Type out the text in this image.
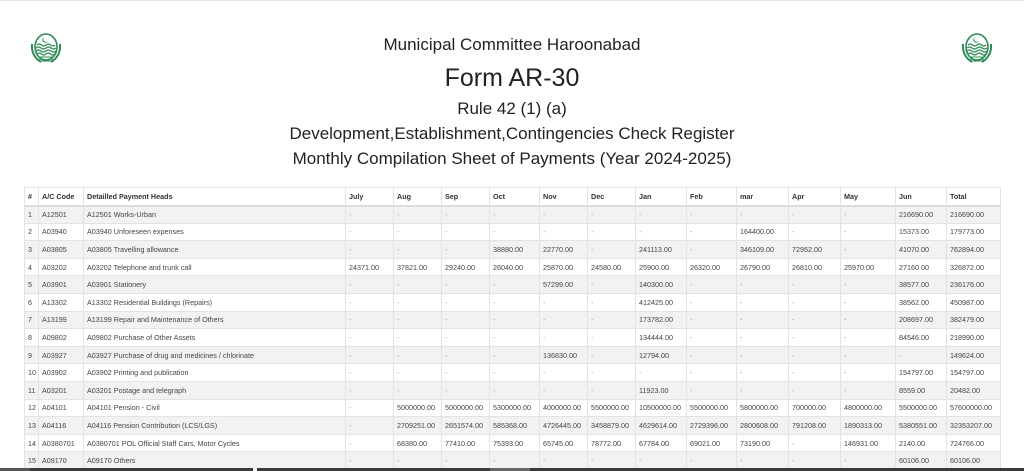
Municipal Committee Haroonabad
Form AR-30
Rule 42 (1) (a)
Development,Establishment,Contingencies Check Register
Monthly Compilation Sheet of Payments (Year 2024-2025)
#	A/C Code	Detailled Payment Heads	July	Aug	Sep	Oct	Nov	Dec	Jan	Feb	mar	Apr	May	Jun	Total
1	A12501	A12501 Works-Urban	-	-	-	-	-	-	-	-	-	-	-	216690.00	216690.00
2	A03940	A03940 Unforeseen expenses	-	-	-	-	-	-	-	-	164400.00	-	-	15373.00	179773.00
3	A03805	A03805 Travelling allowance	-	-	-	38880.00	22770.00	-	241113.00	-	346109.00	72952.00	-	41070.00	762894.00
4	A03202	A03202 Telephone and trunk call	24371.00	37821.00	29240.00	26040.00	25870.00	24580.00	25900.00	26320.00	26790.00	26810.00	25970.00	27160.00	326872.00
5	A03901	A03901 Stationery	-	-	-	-	57299.00	-	140300.00	-	-	-	-	38577.00	236176.00
6	A13302	A13302 Residential Buildings (Repairs)	-	-	-	-	-	-	412425.00	-	-	-	-	38562.00	450987.00
7	A13199	A13199 Repair and Maintenance of Others	-	-	-	-	-	-	173782.00	-	-	-	-	208697.00	382479.00
8	A09802	A09802 Purchase of Other Assets	-	-	-	-	-	-	134444.00	-	-	-	-	84546.00	218990.00
9	A03927	A03927 Purchase of drug and medicines / chlorinate	-	-	-	-	136830.00	-	12794.00	-	-	-	-	-	149624.00
10	A03902	A03902 Printing and publication	-	-	-	-	-	-	-	-	-	-	-	154797.00	154797.00
11	A03201	A03201 Postage and telegraph	-	-	-	-	-	-	11923.00	-	-	-	-	8559.00	20482.00
12	A04101	A04101 Pension - Civil	-	5000000.00	5000000.00	5300000.00	4000000.00	5500000.00	10500000.00	5500000.00	5800000.00	700000.00	4800000.00	5500000.00	57600000.00
13	A04116	A04116 Pension Contribution (LCS/LGS)	-	2709251.00	2651574.00	585368.00	4726445.00	3458879.00	4629614.00	2729396.00	2800608.00	791208.00	1890313.00	5380551.00	32353207.00
14	A0380701	A0380701 POL Official Staff Cars, Motor Cycles	-	68380.00	77410.00	75393.00	65745.00	78772.00	67784.00	69021.00	73190.00	-	146931.00	2140.00	724766.00
15	A09170	A09170 Others	-	-	-	-	-	-	-	-	-	-	-	60106.00	60106.00
